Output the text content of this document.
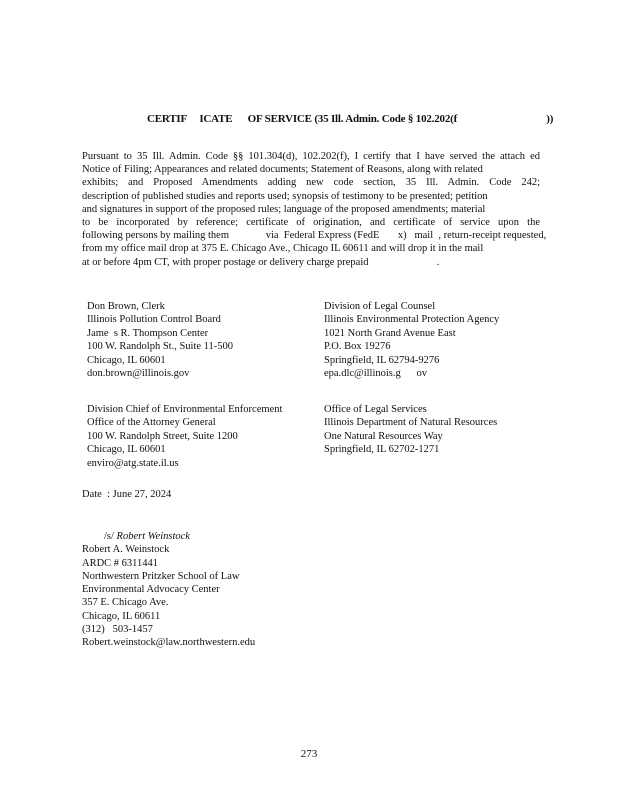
CERTIF     ICATE      OF SERVICE (35 Ill. Admin. Code § 102.202(f                                   ))
Pursuant to 35 Ill. Admin. Code §§ 101.304(d), 102.202(f), I certify that I have served the attach ed
Notice of Filing; Appearances and related documents; Statement of Reasons, along with related
exhibits; and Proposed Amendments adding new code section, 35 Ill. Admin. Code 242;
description of published studies and reports used; synopsis of testimony to be presented; petition
and signatures in support of the proposed rules; language of the proposed amendments; material
to be incorporated by reference; certificate of origination, and certificate of service upon the
following persons by mailing them              via  Federal Express (FedE       x)   mail  , return-receipt requested,
from my office mail drop at 375 E. Chicago Ave., Chicago IL 60611 and will drop it in the mail
at or before 4pm CT, with proper postage or delivery charge prepaid                          .
Don Brown, Clerk
Illinois Pollution Control Board
Jame  s R. Thompson Center
100 W. Randolph St., Suite 11-500
Chicago, IL 60601
don.brown@illinois.gov
Division of Legal Counsel
Illinois Environmental Protection Agency
1021 North Grand Avenue East
P.O. Box 19276
Springfield, IL 62794-9276
epa.dlc@illinois.g      ov
Division Chief of Environmental Enforcement
Office of the Attorney General
100 W. Randolph Street, Suite 1200
Chicago, IL 60601
enviro@atg.state.il.us
Office of Legal Services
Illinois Department of Natural Resources
One Natural Resources Way
Springfield, IL 62702-1271
Date  : June 27, 2024
/s/ Robert Weinstock
Robert A. Weinstock
ARDC # 6311441
Northwestern Pritzker School of Law
Environmental Advocacy Center
357 E. Chicago Ave.
Chicago, IL 60611
(312)   503-1457
Robert.weinstock@law.northwestern.edu
273
